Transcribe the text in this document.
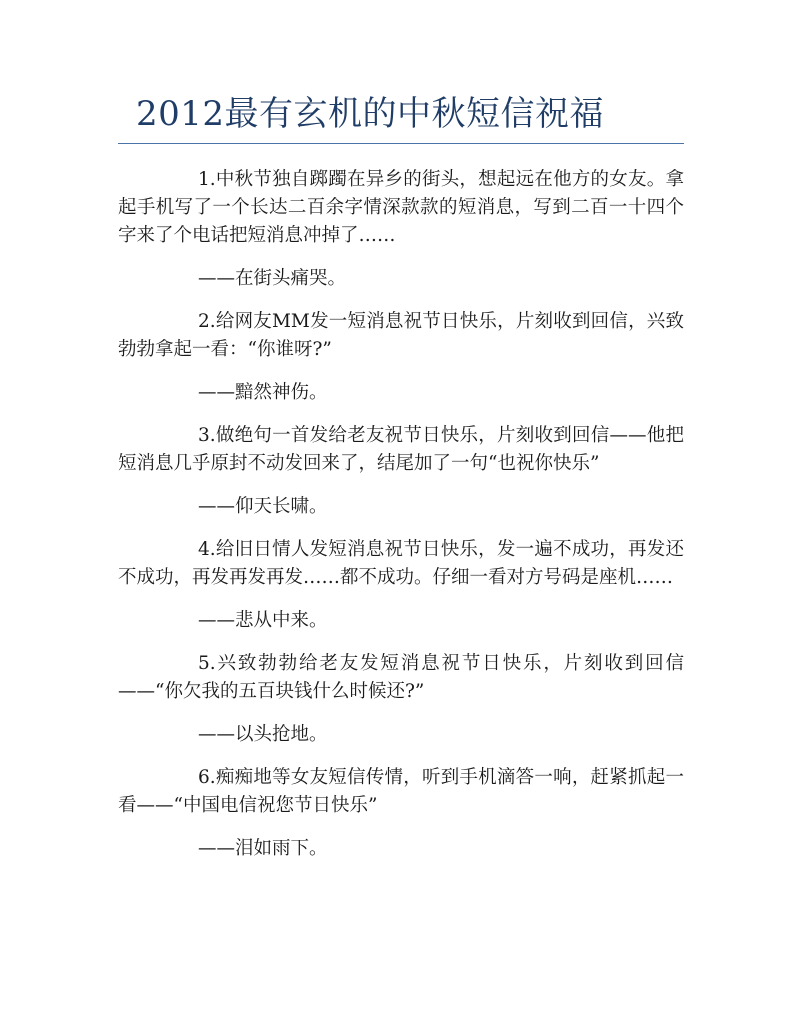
2012最有玄机的中秋短信祝福

1.中秋节独自踯躅在异乡的街头，想起远在他方的女友。拿起手机写了一个长达二百余字情深款款的短消息，写到二百一十四个字来了个电话把短消息冲掉了……

——在街头痛哭。

2.给网友MM发一短消息祝节日快乐，片刻收到回信，兴致勃勃拿起一看：“你谁呀?”

——黯然神伤。

3.做绝句一首发给老友祝节日快乐，片刻收到回信——他把短消息几乎原封不动发回来了，结尾加了一句“也祝你快乐”

——仰天长啸。

4.给旧日情人发短消息祝节日快乐，发一遍不成功，再发还不成功，再发再发再发……都不成功。仔细一看对方号码是座机……

——悲从中来。

5.兴致勃勃给老友发短消息祝节日快乐，片刻收到回信——“你欠我的五百块钱什么时候还?”

——以头抢地。

6.痴痴地等女友短信传情，听到手机滴答一响，赶紧抓起一看——“中国电信祝您节日快乐”

——泪如雨下。
